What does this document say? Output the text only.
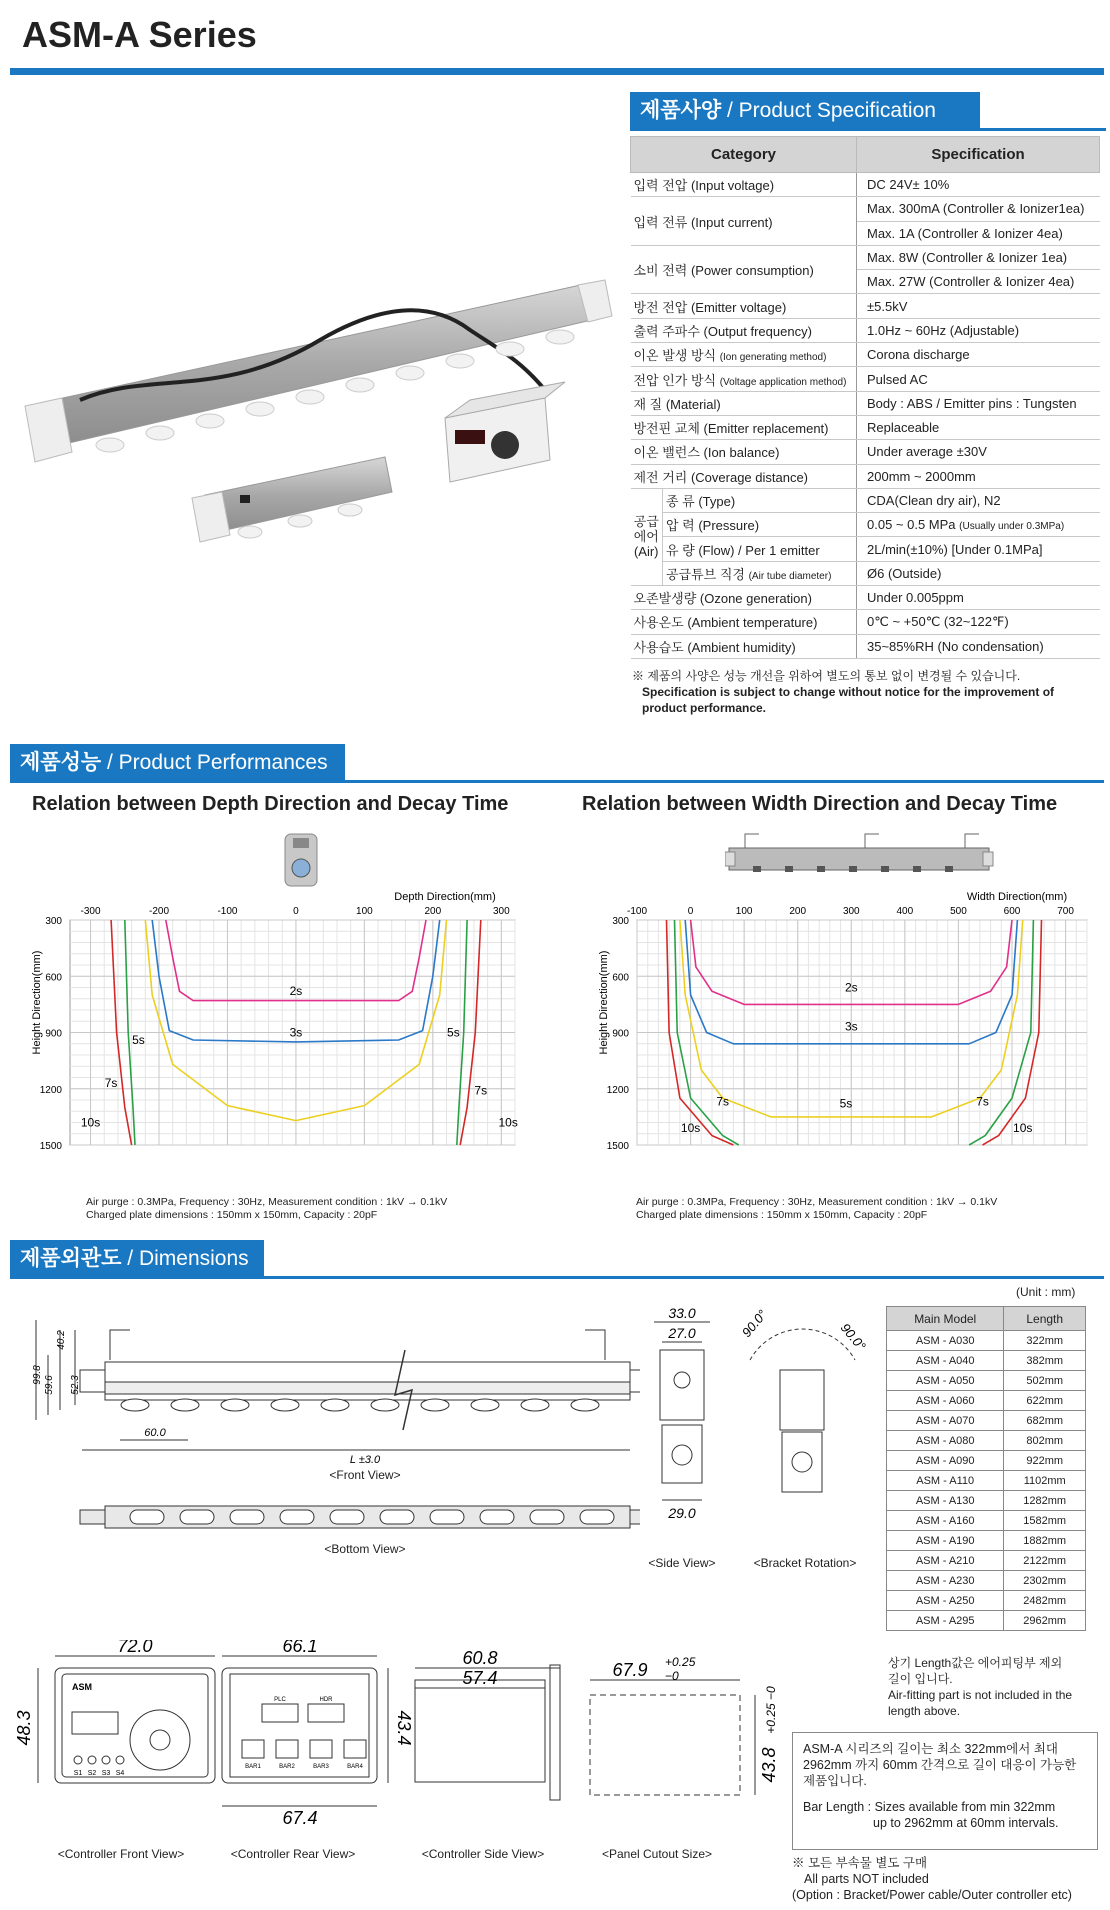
ASM-A Series
제품사양 / Product Specification
Category		Specification
입력 전압 (Input voltage)		DC 24V± 10%
입력 전류 (Input current)		Max. 300mA (Controller & Ionizer1ea)
		Max. 1A (Controller & Ionizer 4ea)
소비 전력 (Power consumption)		Max. 8W (Controller & Ionizer 1ea)
		Max. 27W (Controller & Ionizer 4ea)
방전 전압 (Emitter voltage)		±5.5kV
출력 주파수 (Output frequency)		1.0Hz ~ 60Hz (Adjustable)
이온 발생 방식 (Ion generating method)		Corona discharge
전압 인가 방식 (Voltage application method)		Pulsed AC
재 질 (Material)		Body : ABS / Emitter pins : Tungsten
방전핀 교체 (Emitter replacement)		Replaceable
이온 밸런스 (Ion balance)		Under average ±30V
제전 거리 (Coverage distance)		200mm ~ 2000mm
공급
에어
(Air)	종 류 (Type)	CDA(Clean dry air), N2
	압 력 (Pressure)	0.05 ~ 0.5 MPa (Usually under 0.3MPa)
	유 량 (Flow) / Per 1 emitter	2L/min(±10%) [Under 0.1MPa]
	공급튜브 직경 (Air tube diameter)	Ø6 (Outside)
오존발생량 (Ozone generation)		Under 0.005ppm
사용온도 (Ambient temperature)		0℃ ~ +50℃ (32~122℉)
사용습도 (Ambient humidity)		35~85%RH (No condensation)
※ 제품의 사양은 성능 개선을 위하여 별도의 통보 없이 변경될 수 있습니다.
Specification is subject to change without notice for the improvement of product performance.
제품성능 / Product Performances
Relation between Depth Direction and Decay Time	Relation between Width Direction and Decay Time
-300	-200	-100	0	100	200	300
300
600
900
1200
1500
Depth Direction(mm)
Height Direction(mm)	2s
3s
5s
5s
7s
7s
10s	10s
-100	0	100	200	300	400	500	600	700
300
600
900
1200
1500
Width Direction(mm)
Height Direction(mm)	2s
3s
5s
7s	7s
10s	10s
Air purge : 0.3MPa, Frequency : 30Hz, Measurement condition : 1kV → 0.1kV
Charged plate dimensions : 150mm x 150mm, Capacity : 20pF
Air purge : 0.3MPa, Frequency : 30Hz, Measurement condition : 1kV → 0.1kV
Charged plate dimensions : 150mm x 150mm, Capacity : 20pF
제품외관도 / Dimensions
(Unit : mm)
40.2
99.8
59.6 52.3
60.0
L ±3.0
<Front View>
<Bottom View>
33.0
27.0
29.0
90.0°	90.0°
<Side View>	<Bracket Rotation>
Main Model	Length
ASM - A030	322mm
ASM - A040	382mm
ASM - A050	502mm
ASM - A060	622mm
ASM - A070	682mm
ASM - A080	802mm
ASM - A090	922mm
ASM - A110	1102mm
ASM - A130	1282mm
ASM - A160	1582mm
ASM - A190	1882mm
ASM - A210	2122mm
ASM - A230	2302mm
ASM - A250	2482mm
ASM - A295	2962mm
상기 Length값은 에어피팅부 제외
길이 입니다.
Air-fitting part is not included in the
length above.
ASM
S1 S2 S3 S4
PLC	HDR
BAR1	BAR2	BAR3	BAR4
72.0
48.3
66.1
43.4
67.4
60.8
57.4	67.9 +0.25
−0
43.8
+0.25 −0
<Controller Front View>	<Controller Rear View>	<Controller Side View>	<Panel Cutout Size>
ASM-A 시리즈의 길이는 최소 322mm에서 최대
2962mm 까지 60mm 간격으로 길이 대응이 가능한
제품입니다.
Bar Length : Sizes available from min 322mm
up to 2962mm at 60mm intervals.
※ 모든 부속물 별도 구매
All parts NOT included
(Option : Bracket/Power cable/Outer controller etc)
